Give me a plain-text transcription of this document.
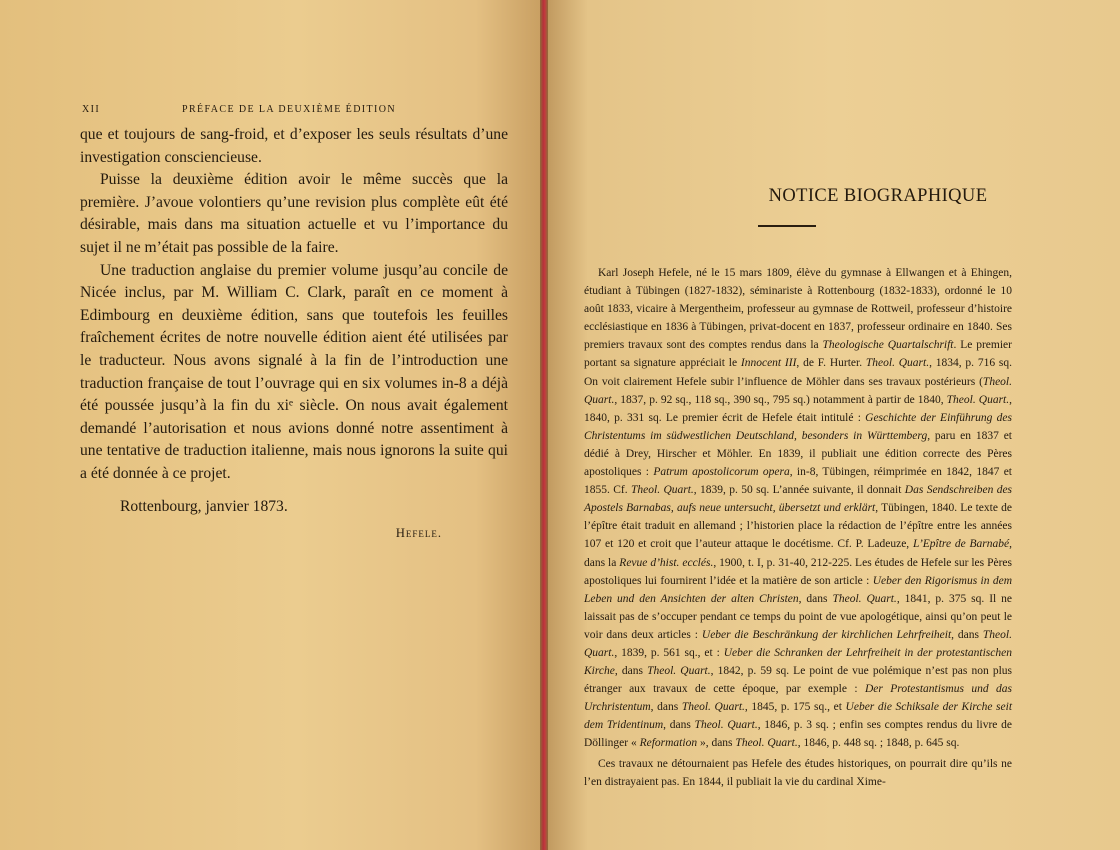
XII	PRÉFACE DE LA DEUXIÈME ÉDITION

que et toujours de sang-froid, et d’exposer les seuls résultats d’une investigation consciencieuse.

Puisse la deuxième édition avoir le même succès que la première. J’avoue volontiers qu’une revision plus complète eût été désirable, mais dans ma situation actuelle et vu l’importance du sujet il ne m’était pas possible de la faire.

Une traduction anglaise du premier volume jusqu’au concile de Nicée inclus, par M. William C. Clark, paraît en ce moment à Edimbourg en deuxième édition, sans que toutefois les feuilles fraîchement écrites de notre nouvelle édition aient été utilisées par le traducteur. Nous avons signalé à la fin de l’introduction une traduction française de tout l’ouvrage qui en six volumes in-8 a déjà été poussée jusqu’à la fin du xiᵉ siècle. On nous avait également demandé l’autorisation et nous avions donné notre assentiment à une tentative de traduction italienne, mais nous ignorons la suite qui a été donnée à ce projet.

Rottenbourg, janvier 1873.

Hefele.

NOTICE BIOGRAPHIQUE

Karl Joseph Hefele, né le 15 mars 1809, élève du gymnase à Ellwangen et à Ehingen, étudiant à Tübingen (1827-1832), séminariste à Rottenbourg (1832-1833), ordonné le 10 août 1833, vicaire à Mergentheim, professeur au gymnase de Rottweil, professeur d’histoire ecclésiastique en 1836 à Tübingen, privat-docent en 1837, professeur ordinaire en 1840. Ses premiers travaux sont des comptes rendus dans la Theologische Quartalschrift. Le premier portant sa signature appréciait le Innocent III, de F. Hurter. Theol. Quart., 1834, p. 716 sq. On voit clairement Hefele subir l’influence de Möhler dans ses travaux postérieurs (Theol. Quart., 1837, p. 92 sq., 118 sq., 390 sq., 795 sq.) notamment à partir de 1840, Theol. Quart., 1840, p. 331 sq. Le premier écrit de Hefele était intitulé : Geschichte der Einführung des Christentums im südwestlichen Deutschland, besonders in Württemberg, paru en 1837 et dédié à Drey, Hirscher et Möhler. En 1839, il publiait une édition correcte des Pères apostoliques : Patrum apostolicorum opera, in-8, Tübingen, réimprimée en 1842, 1847 et 1855. Cf. Theol. Quart., 1839, p. 50 sq. L’année suivante, il donnait Das Sendschreiben des Apostels Barnabas, aufs neue untersucht, übersetzt und erklärt, Tübingen, 1840. Le texte de l’épître était traduit en allemand ; l’historien place la rédaction de l’épître entre les années 107 et 120 et croit que l’auteur attaque le docétisme. Cf. P. Ladeuze, L’Epître de Barnabé, dans la Revue d’hist. ecclés., 1900, t. I, p. 31-40, 212-225. Les études de Hefele sur les Pères apostoliques lui fournirent l’idée et la matière de son article : Ueber den Rigorismus in dem Leben und den Ansichten der alten Christen, dans Theol. Quart., 1841, p. 375 sq. Il ne laissait pas de s’occuper pendant ce temps du point de vue apologétique, ainsi qu’on peut le voir dans deux articles : Ueber die Beschränkung der kirchlichen Lehrfreiheit, dans Theol. Quart., 1839, p. 561 sq., et : Ueber die Schranken der Lehrfreiheit in der protestantischen Kirche, dans Theol. Quart., 1842, p. 59 sq. Le point de vue polémique n’est pas non plus étranger aux travaux de cette époque, par exemple : Der Protestantismus und das Urchristentum, dans Theol. Quart., 1845, p. 175 sq., et Ueber die Schiksale der Kirche seit dem Tridentinum, dans Theol. Quart., 1846, p. 3 sq. ; enfin ses comptes rendus du livre de Döllinger « Reformation », dans Theol. Quart., 1846, p. 448 sq. ; 1848, p. 645 sq.

Ces travaux ne détournaient pas Hefele des études historiques, on pourrait dire qu’ils ne l’en distrayaient pas. En 1844, il publiait la vie du cardinal Xime-
